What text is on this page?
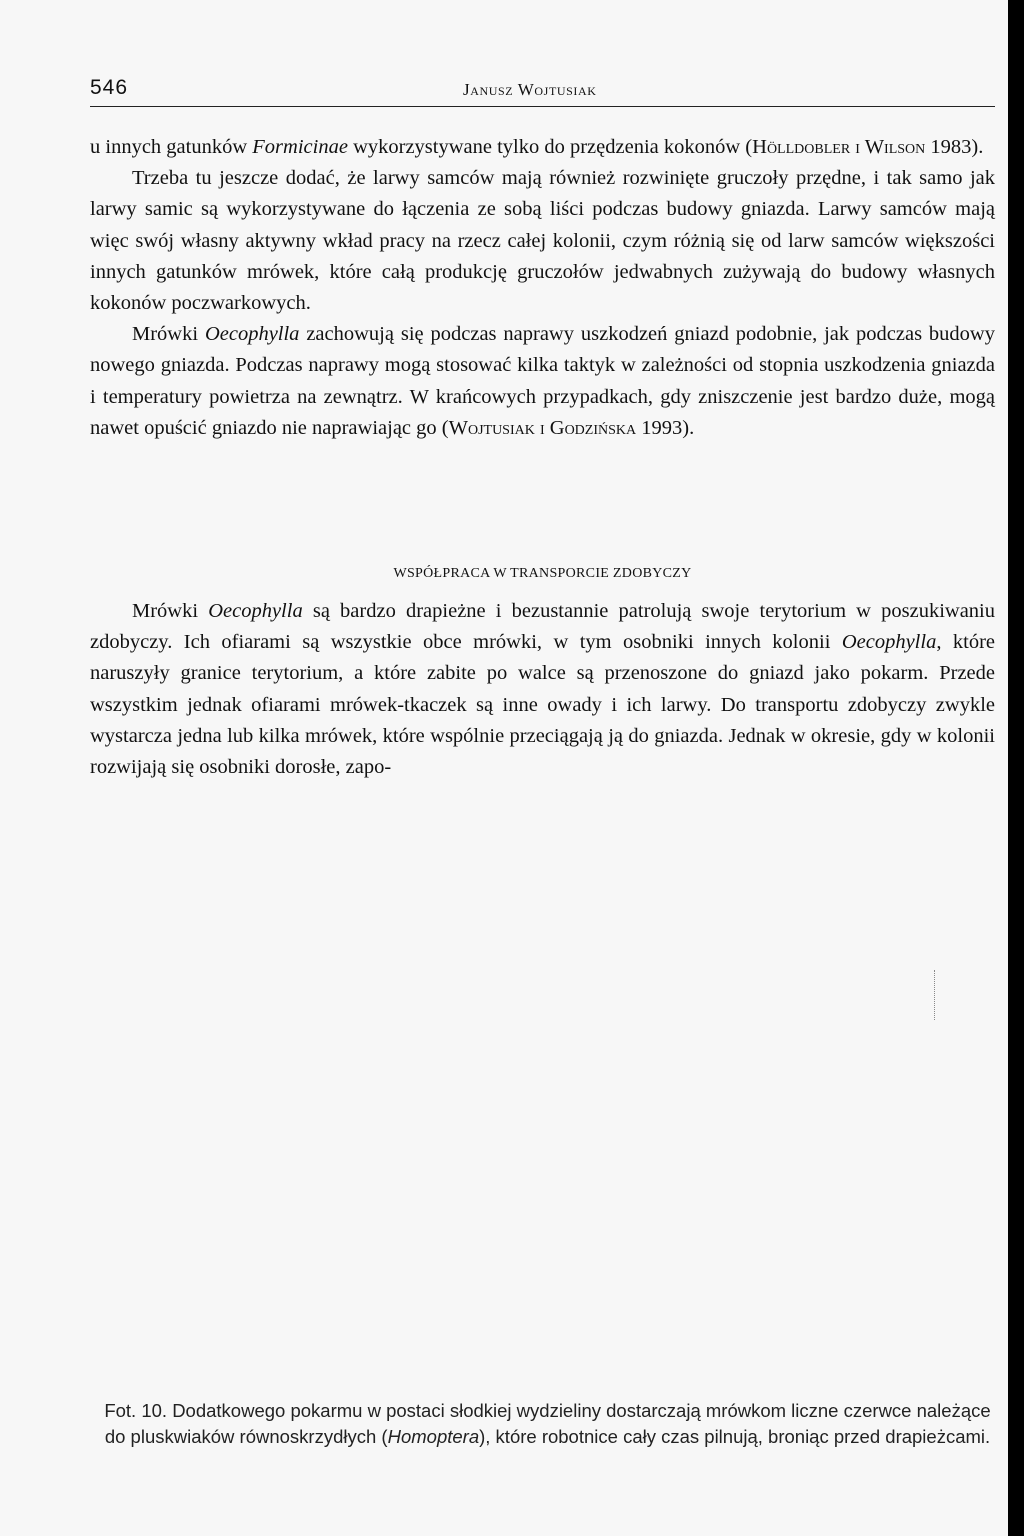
546	Janusz Wojtusiak

u innych gatunków Formicinae wykorzystywane tylko do przędzenia kokonów (Hölldobler i Wilson 1983).

Trzeba tu jeszcze dodać, że larwy samców mają również rozwinięte gruczoły przędne, i tak samo jak larwy samic są wykorzystywane do łączenia ze sobą liści podczas budowy gniazda. Larwy samców mają więc swój własny aktywny wkład pracy na rzecz całej kolonii, czym różnią się od larw samców większości innych gatunków mrówek, które całą produkcję gruczołów jedwabnych zużywają do budowy własnych kokonów poczwarkowych.

Mrówki Oecophylla zachowują się podczas naprawy uszkodzeń gniazd podobnie, jak podczas budowy nowego gniazda. Podczas naprawy mogą stosować kilka taktyk w zależności od stopnia uszkodzenia gniazda i temperatury powietrza na zewnątrz. W krańcowych przypadkach, gdy zniszczenie jest bardzo duże, mogą nawet opuścić gniazdo nie naprawiając go (Wojtusiak i Godzińska 1993).

WSPÓŁPRACA W TRANSPORCIE ZDOBYCZY

Mrówki Oecophylla są bardzo drapieżne i bezustannie patrolują swoje terytorium w poszukiwaniu zdobyczy. Ich ofiarami są wszystkie obce mrówki, w tym osobniki innych kolonii Oecophylla, które naruszyły granice terytorium, a które zabite po walce są przenoszone do gniazd jako pokarm. Przede wszystkim jednak ofiarami mrówek-tkaczek są inne owady i ich larwy. Do transportu zdobyczy zwykle wystarcza jedna lub kilka mrówek, które wspólnie przeciągają ją do gniazda. Jednak w okresie, gdy w kolonii rozwijają się osobniki dorosłe, zapo-

Fot. 10. Dodatkowego pokarmu w postaci słodkiej wydzieliny dostarczają mrówkom liczne czerwce należące do pluskwiaków równoskrzydłych (Homoptera), które robotnice cały czas pilnują, broniąc przed drapieżcami.
